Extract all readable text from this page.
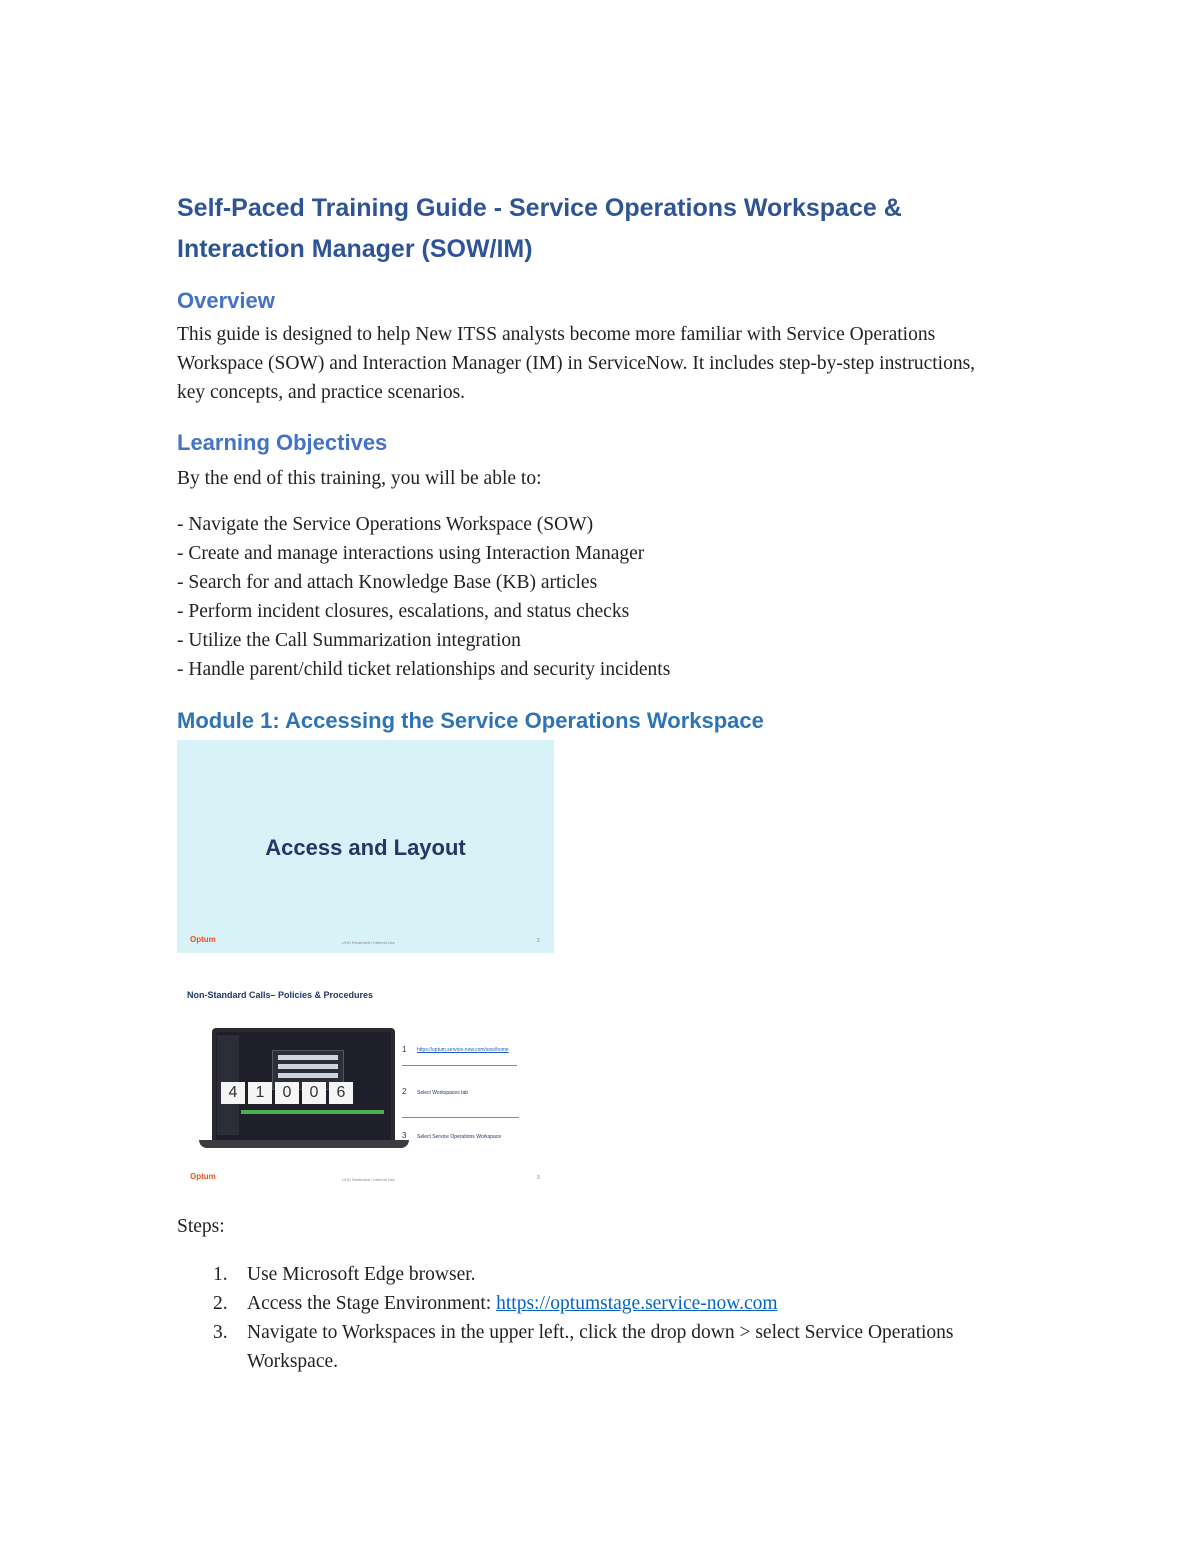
Self-Paced Training Guide - Service Operations Workspace & Interaction Manager (SOW/IM)
Overview
This guide is designed to help New ITSS analysts become more familiar with Service Operations Workspace (SOW) and Interaction Manager (IM) in ServiceNow. It includes step-by-step instructions, key concepts, and practice scenarios.
Learning Objectives
By the end of this training, you will be able to:
- Navigate the Service Operations Workspace (SOW)
- Create and manage interactions using Interaction Manager
- Search for and attach Knowledge Base (KB) articles
- Perform incident closures, escalations, and status checks
- Utilize the Call Summarization integration
- Handle parent/child ticket relationships and security incidents
Module 1: Accessing the Service Operations Workspace
Access and Layout
Optum	UHG Restricted / Internal Use	2
Non-Standard Calls– Policies & Procedures
4	1	0	0	6
1 https://optum.service-now.com/sow/home
2 Select Workspaces tab
3 Select Service Operations Workspace
Optum	UHG Restricted / Internal Use	3
Steps:
1. Use Microsoft Edge browser.
2. Access the Stage Environment: https://optumstage.service-now.com
3. Navigate to Workspaces in the upper left., click the drop down > select Service Operations Workspace.
